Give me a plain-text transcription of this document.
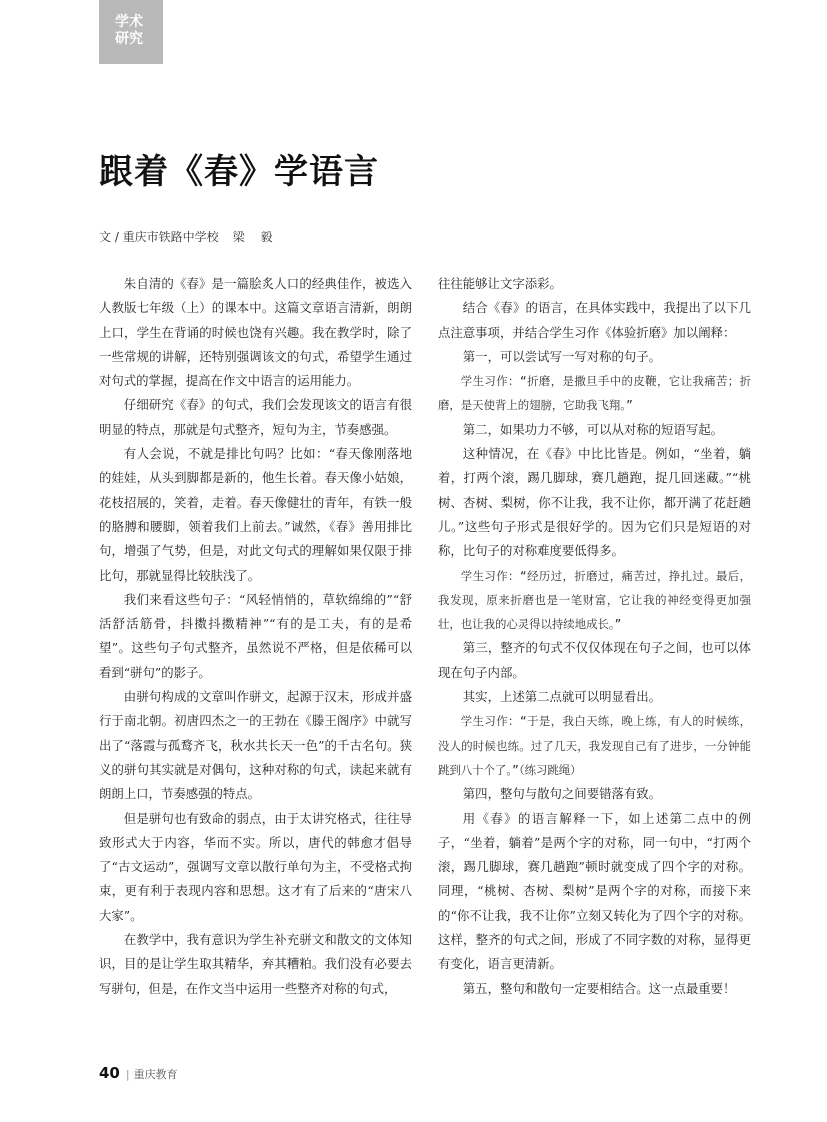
学术
研究
跟着《春》学语言
文 / 重庆市铁路中学校 梁 毅

朱自清的《春》是一篇脍炙人口的经典佳作，被选入人教版七年级（上）的课本中。这篇文章语言清新，朗朗上口，学生在背诵的时候也饶有兴趣。我在教学时，除了一些常规的讲解，还特别强调该文的句式，希望学生通过对句式的掌握，提高在作文中语言的运用能力。

仔细研究《春》的句式，我们会发现该文的语言有很明显的特点，那就是句式整齐，短句为主，节奏感强。

有人会说，不就是排比句吗？比如：“春天像刚落地的娃娃，从头到脚都是新的，他生长着。春天像小姑娘，花枝招展的，笑着，走着。春天像健壮的青年，有铁一般的胳膊和腰脚，领着我们上前去。”诚然，《春》善用排比句，增强了气势，但是，对此文句式的理解如果仅限于排比句，那就显得比较肤浅了。

我们来看这些句子：“风轻悄悄的，草软绵绵的”“舒活舒活筋骨，抖擞抖擞精神”“有的是工夫，有的是希望”。这些句子句式整齐，虽然说不严格，但是依稀可以看到“骈句”的影子。

由骈句构成的文章叫作骈文，起源于汉末，形成并盛行于南北朝。初唐四杰之一的王勃在《滕王阁序》中就写出了“落霞与孤鹜齐飞，秋水共长天一色”的千古名句。狭义的骈句其实就是对偶句，这种对称的句式，读起来就有朗朗上口，节奏感强的特点。

但是骈句也有致命的弱点，由于太讲究格式，往往导致形式大于内容，华而不实。所以，唐代的韩愈才倡导了“古文运动”，强调写文章以散行单句为主，不受格式拘束，更有利于表现内容和思想。这才有了后来的“唐宋八大家”。

在教学中，我有意识为学生补充骈文和散文的文体知识，目的是让学生取其精华，弃其糟粕。我们没有必要去写骈句，但是，在作文当中运用一些整齐对称的句式，

往往能够让文字添彩。

结合《春》的语言，在具体实践中，我提出了以下几点注意事项，并结合学生习作《体验折磨》加以阐释：

第一，可以尝试写一写对称的句子。

学生习作：“折磨，是撒旦手中的皮鞭，它让我痛苦；折磨，是天使背上的翅膀，它助我飞翔。”

第二，如果功力不够，可以从对称的短语写起。

这种情况，在《春》中比比皆是。例如，“坐着，躺着，打两个滚，踢几脚球，赛几趟跑，捉几回迷藏。”“桃树、杏树、梨树，你不让我，我不让你，都开满了花赶趟儿。”这些句子形式是很好学的。因为它们只是短语的对称，比句子的对称难度要低得多。

学生习作：“经历过，折磨过，痛苦过，挣扎过。最后，我发现，原来折磨也是一笔财富，它让我的神经变得更加强壮，也让我的心灵得以持续地成长。”

第三，整齐的句式不仅仅体现在句子之间，也可以体现在句子内部。

其实，上述第二点就可以明显看出。

学生习作：“于是，我白天练，晚上练，有人的时候练，没人的时候也练。过了几天，我发现自己有了进步，一分钟能跳到八十个了。”（练习跳绳）

第四，整句与散句之间要错落有致。

用《春》的语言解释一下，如上述第二点中的例子，“坐着，躺着”是两个字的对称，同一句中，“打两个滚，踢几脚球，赛几趟跑”顿时就变成了四个字的对称。同理，“桃树、杏树、梨树”是两个字的对称，而接下来的“你不让我，我不让你”立刻又转化为了四个字的对称。这样，整齐的句式之间，形成了不同字数的对称，显得更有变化，语言更清新。

第五，整句和散句一定要相结合。这一点最重要！

40 | 重庆教育
